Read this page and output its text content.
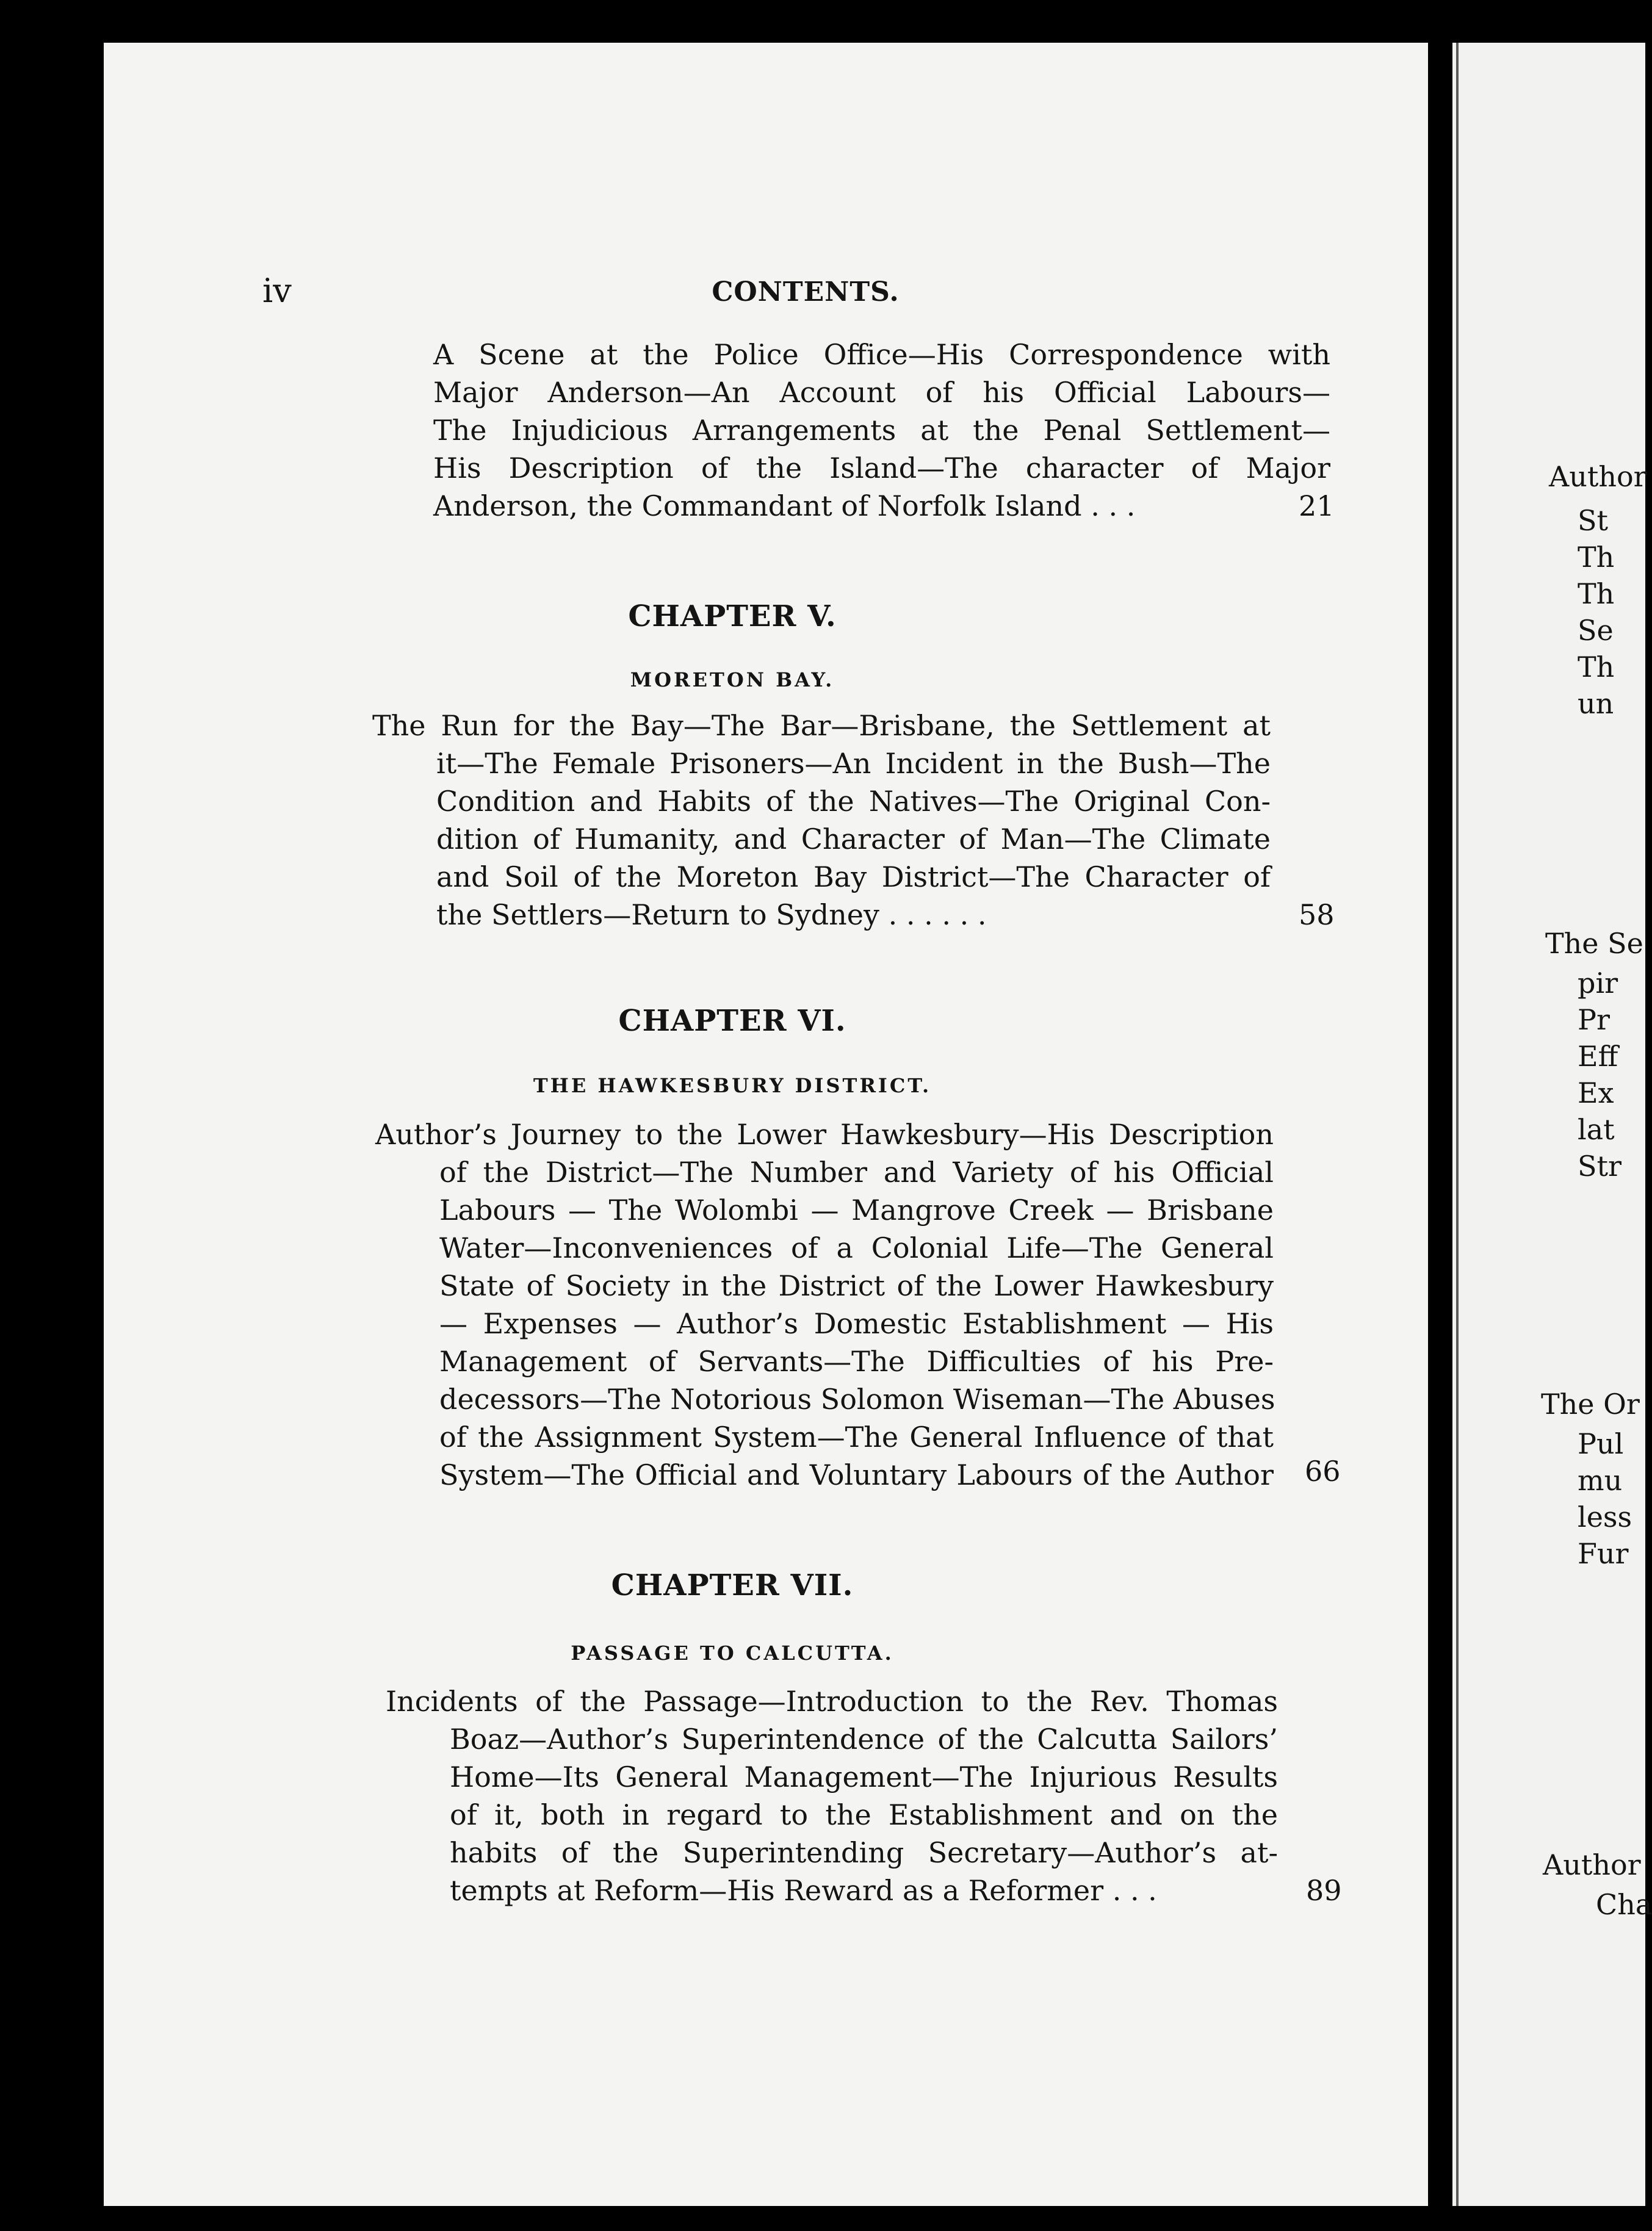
Author
St
Th
Th
Se
Th
un
The Se
pir
Pr
Eff
Ex
lat
Str
The Or
Pul
mu
less
Fur
Author
Cha
iv	CONTENTS.
A Scene at the Police Office—His Correspondence with
Major Anderson—An Account of his Official Labours—
The Injudicious Arrangements at the Penal Settlement—
His Description of the Island—The character of Major
Anderson, the Commandant of Norfolk Island . . .	21
CHAPTER V.
MORETON BAY.
The Run for the Bay—The Bar—Brisbane, the Settlement at
it—The Female Prisoners—An Incident in the Bush—The
Condition and Habits of the Natives—The Original Con-
dition of Humanity, and Character of Man—The Climate
and Soil of the Moreton Bay District—The Character of
the Settlers—Return to Sydney . . . . . .	58
CHAPTER VI.
THE HAWKESBURY DISTRICT.
Author’s Journey to the Lower Hawkesbury—His Description
of the District—The Number and Variety of his Official
Labours — The Wolombi — Mangrove Creek — Brisbane
Water—Inconveniences of a Colonial Life—The General
State of Society in the District of the Lower Hawkesbury
— Expenses — Author’s Domestic Establishment — His
Management of Servants—The Difficulties of his Pre-
decessors—The Notorious Solomon Wiseman—The Abuses
of the Assignment System—The General Influence of that
System—The Official and Voluntary Labours of the Author 66
CHAPTER VII.
PASSAGE TO CALCUTTA.
Incidents of the Passage—Introduction to the Rev. Thomas
Boaz—Author’s Superintendence of the Calcutta Sailors’
Home—Its General Management—The Injurious Results
of it, both in regard to the Establishment and on the
habits of the Superintending Secretary—Author’s at-
tempts at Reform—His Reward as a Reformer . . .	89
